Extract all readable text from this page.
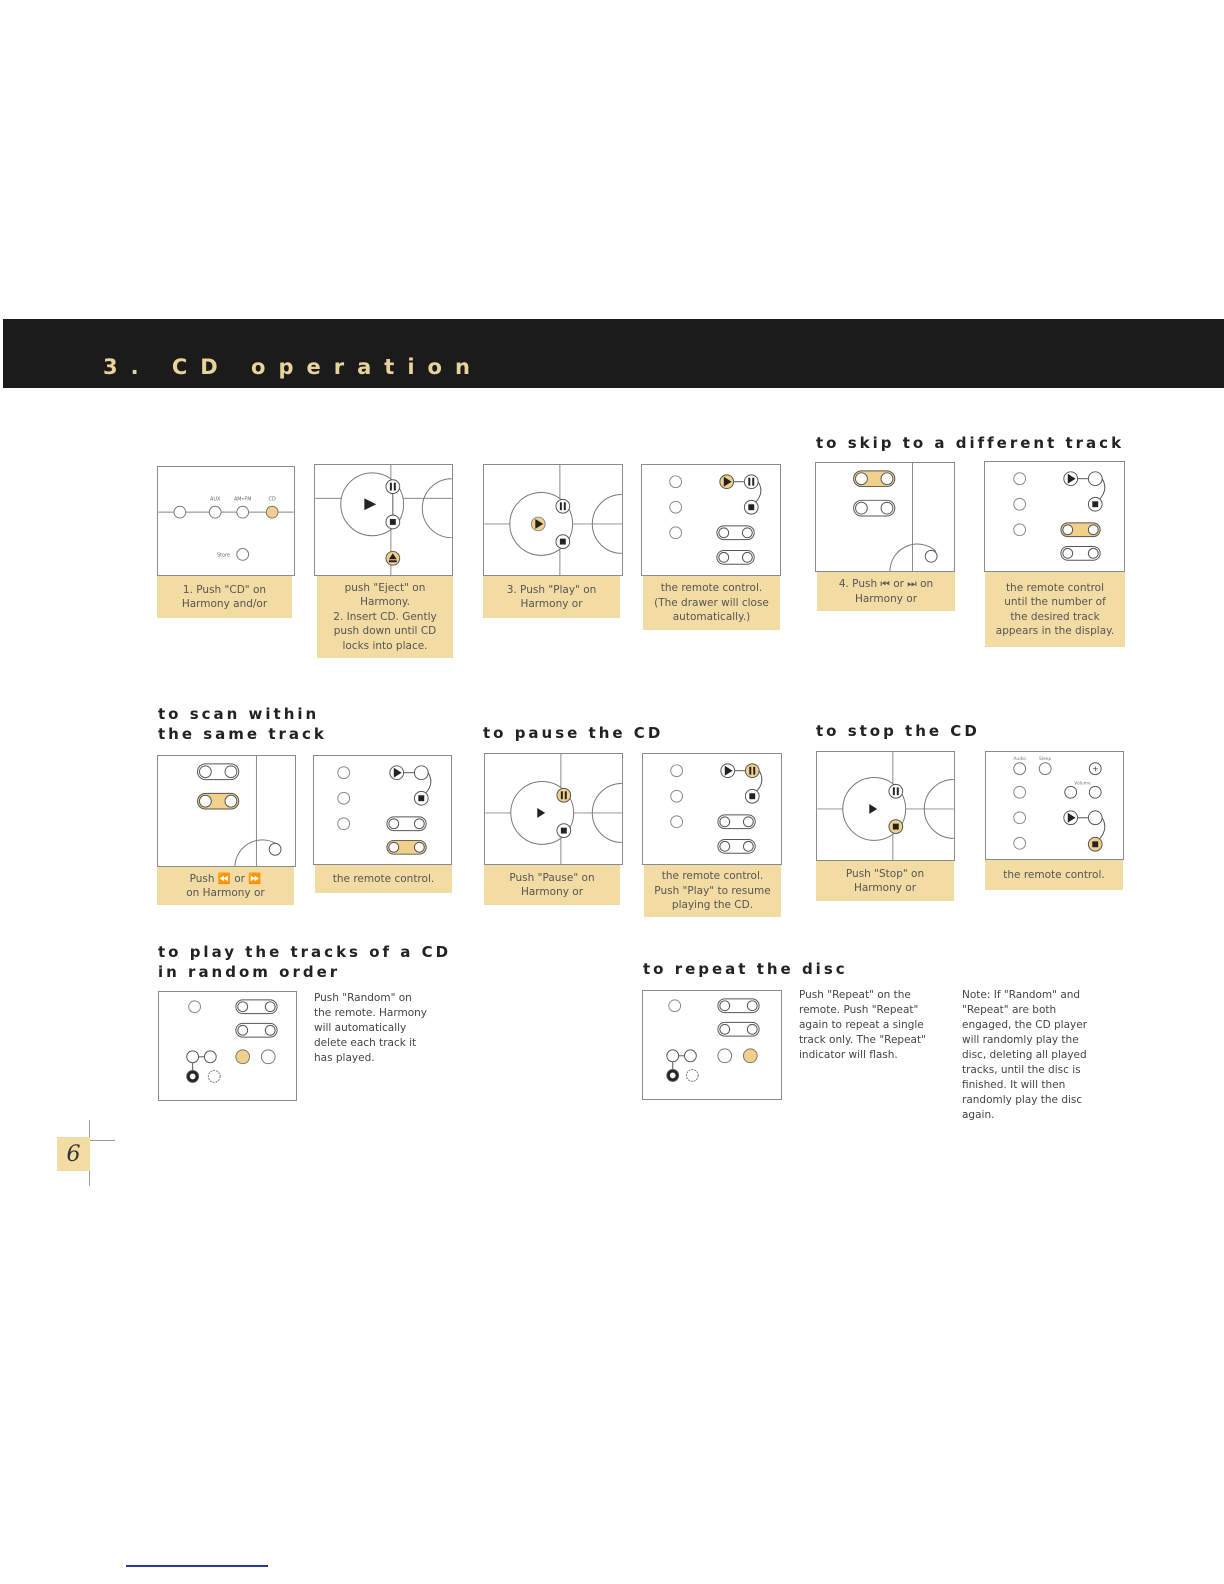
3. CD operation
to skip to a different track
to scan within
the same track	to pause the CD	to stop the CD
to play the tracks of a CD
in random order	to repeat the disc
AUX	AM•FM	CD
Store
1. Push "CD" on
Harmony and/or
push "Eject" on
Harmony.
2. Insert CD. Gently
push down until CD
locks into place.
3. Push "Play" on
Harmony or
the remote control.
(The drawer will close
automatically.)
4. Push ⏮ or ⏭ on
Harmony or
the remote control
until the number of
the desired track
appears in the display.
Push ⏪ or ⏩
on Harmony or
the remote control.	Push "Pause" on
Harmony or
the remote control.
Push "Play" to resume
playing the CD.
Push "Stop" on
Harmony or
Audio	Sleep
+
Volume
the remote control.
Push "Random" on
the remote. Harmony
will automatically
delete each track it
has played.
Push "Repeat" on the
remote. Push "Repeat"
again to repeat a single
track only. The "Repeat"
indicator will flash.
Note: If "Random" and
"Repeat" are both
engaged, the CD player
will randomly play the
disc, deleting all played
tracks, until the disc is
finished. It will then
randomly play the disc
again.
6
